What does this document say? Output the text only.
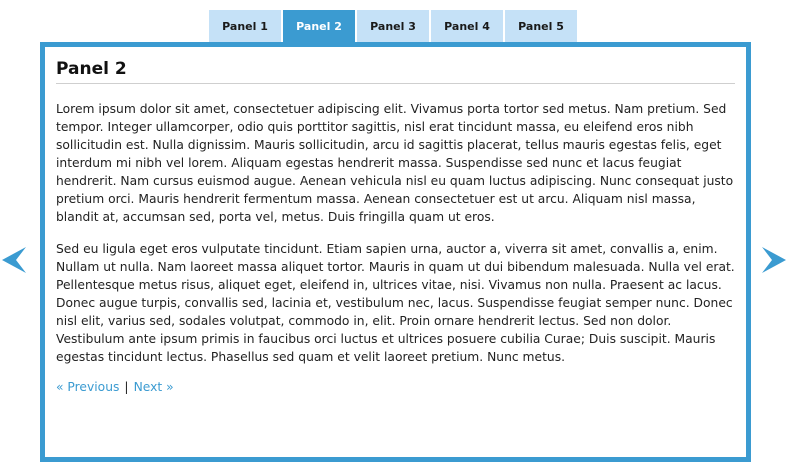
Panel 1	Panel 2	Panel 3	Panel 4	Panel 5
Panel 2

Lorem ipsum dolor sit amet, consectetuer adipiscing elit. Vivamus porta tortor sed metus. Nam pretium. Sed tempor. Integer ullamcorper, odio quis porttitor sagittis, nisl erat tincidunt massa, eu eleifend eros nibh sollicitudin est. Nulla dignissim. Mauris sollicitudin, arcu id sagittis placerat, tellus mauris egestas felis, eget interdum mi nibh vel lorem. Aliquam egestas hendrerit massa. Suspendisse sed nunc et lacus feugiat hendrerit. Nam cursus euismod augue. Aenean vehicula nisl eu quam luctus adipiscing. Nunc consequat justo pretium orci. Mauris hendrerit fermentum massa. Aenean consectetuer est ut arcu. Aliquam nisl massa, blandit at, accumsan sed, porta vel, metus. Duis fringilla quam ut eros.

Sed eu ligula eget eros vulputate tincidunt. Etiam sapien urna, auctor a, viverra sit amet, convallis a, enim. Nullam ut nulla. Nam laoreet massa aliquet tortor. Mauris in quam ut dui bibendum malesuada. Nulla vel erat. Pellentesque metus risus, aliquet eget, eleifend in, ultrices vitae, nisi. Vivamus non nulla. Praesent ac lacus. Donec augue turpis, convallis sed, lacinia et, vestibulum nec, lacus. Suspendisse feugiat semper nunc. Donec nisl elit, varius sed, sodales volutpat, commodo in, elit. Proin ornare hendrerit lectus. Sed non dolor. Vestibulum ante ipsum primis in faucibus orci luctus et ultrices posuere cubilia Curae; Duis suscipit. Mauris egestas tincidunt lectus. Phasellus sed quam et velit laoreet pretium. Nunc metus.

« Previous | Next »
